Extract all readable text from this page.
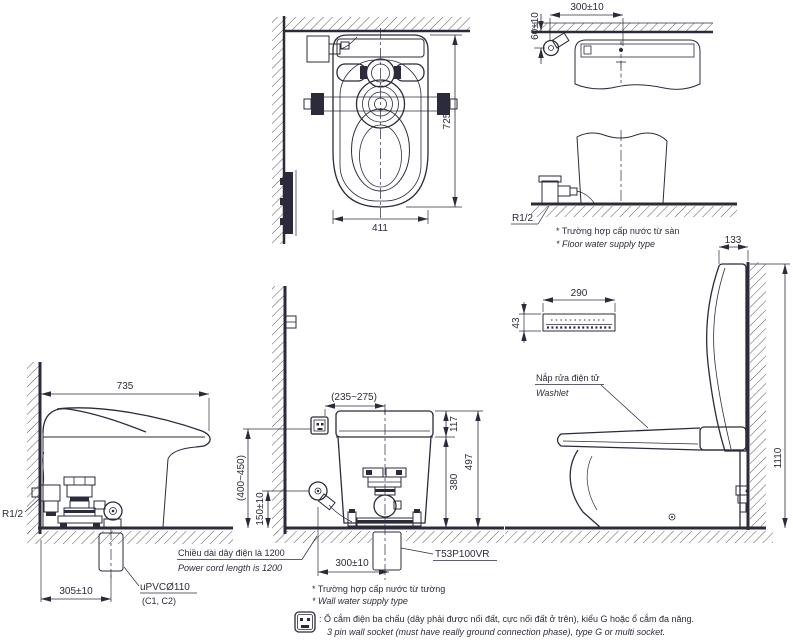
725
411
300±10
60±10
R1/2
* Trường hợp cấp nước từ sàn
* Floor water supply type
290
43
133
1110
Nắp rửa điện tử
Washlet
735
305±10	uPVCØ110
(C1, C2)
R1/2
(400~450)
150±10
T53P100VR
(235~275)
117
380
497
300±10
Chiều dài dây điện là 1200
Power cord length is 1200
* Trường hợp cấp nước từ tường
* Wall water supply type
: Ổ cắm điện ba chấu (dây phải được nối đất, cực nối đất ở trên), kiểu G hoặc ổ cắm đa năng.
3 pin wall socket (must have really ground connection phase), type G or multi socket.
